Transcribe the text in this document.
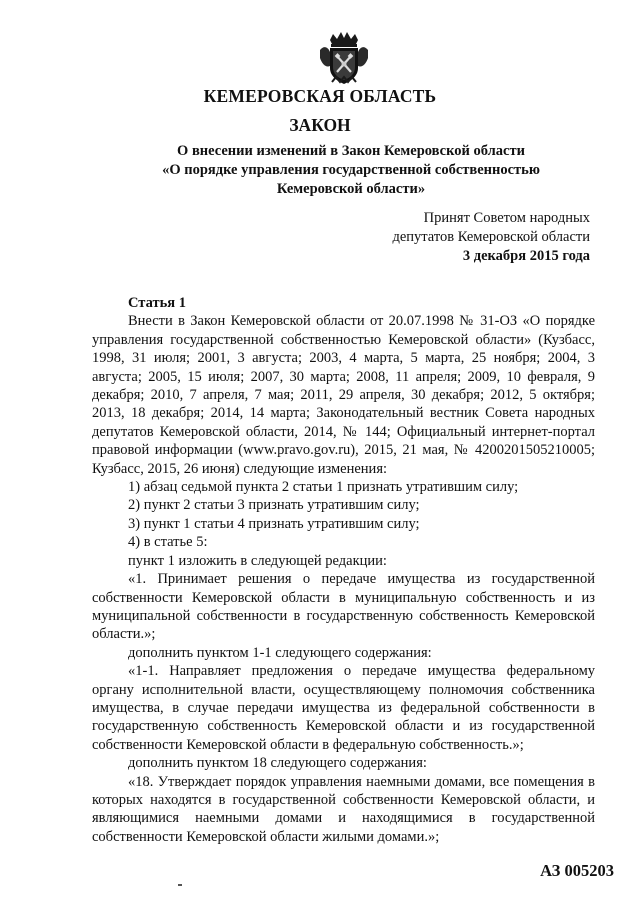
КЕМЕРОВСКАЯ ОБЛАСТЬ
ЗАКОН
О внесении изменений в Закон Кемеровской области
«О порядке управления государственной собственностью
Кемеровской области»
Принят Советом народных
депутатов Кемеровской области
3 декабря 2015 года
Статья 1

Внести в Закон Кемеровской области от 20.07.1998 № 31-ОЗ «О порядке управления государственной собственностью Кемеровской области» (Кузбасс, 1998, 31 июля; 2001, 3 августа; 2003, 4 марта, 5 марта, 25 ноября; 2004, 3 августа; 2005, 15 июля; 2007, 30 марта; 2008, 11 апреля; 2009, 10 февраля, 9 декабря; 2010, 7 апреля, 7 мая; 2011, 29 апреля, 30 декабря; 2012, 5 октября; 2013, 18 декабря; 2014, 14 марта; Законодательный вестник Совета народных депутатов Кемеровской области, 2014, № 144; Официальный интернет-портал правовой информации (www.pravo.gov.ru), 2015, 21 мая, № 4200201505210005; Кузбасс, 2015, 26 июня) следующие изменения:

1) абзац седьмой пункта 2 статьи 1 признать утратившим силу;

2) пункт 2 статьи 3 признать утратившим силу;

3) пункт 1 статьи 4 признать утратившим силу;

4) в статье 5:

пункт 1 изложить в следующей редакции:

«1. Принимает решения о передаче имущества из государственной собственности Кемеровской области в муниципальную собственность и из муниципальной собственности в государственную собственность Кемеровской области.»;

дополнить пунктом 1-1 следующего содержания:

«1-1. Направляет предложения о передаче имущества федеральному органу исполнительной власти, осуществляющему полномочия собственника имущества, в случае передачи имущества из федеральной собственности в государственную собственность Кемеровской области и из государственной собственности Кемеровской области в федеральную собственность.»;

дополнить пунктом 18 следующего содержания:

«18. Утверждает порядок управления наемными домами, все помещения в которых находятся в государственной собственности Кемеровской области, и являющимися наемными домами и находящимися в государственной собственности Кемеровской области жилыми домами.»;

АЗ 005203
